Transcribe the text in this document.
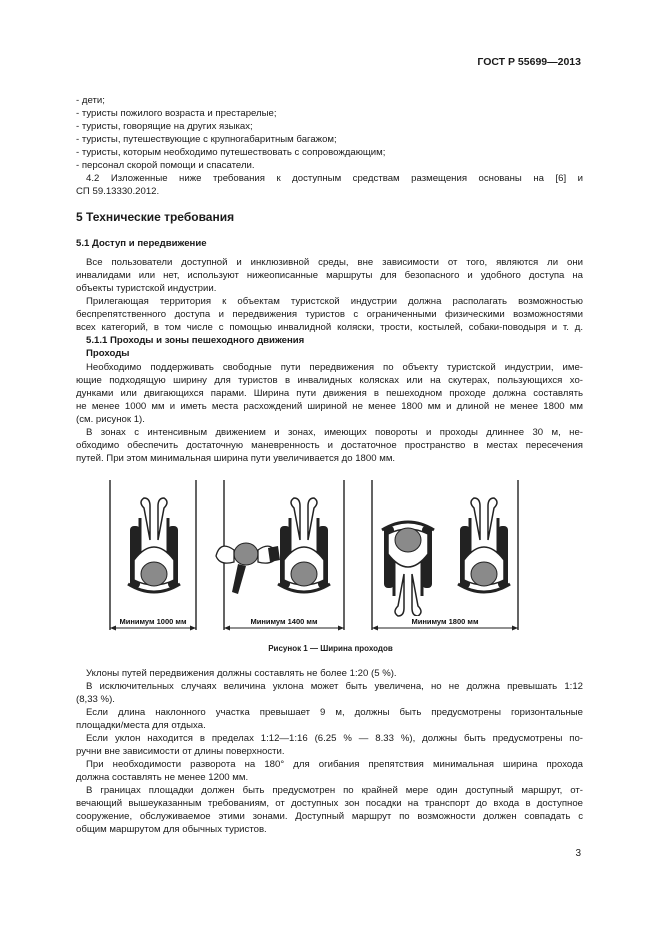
ГОСТ Р 55699—2013
- дети;
- туристы пожилого возраста и престарелые;
- туристы, говорящие на других языках;
- туристы, путешествующие с крупногабаритным багажом;
- туристы, которым необходимо путешествовать с сопровождающим;
- персонал скорой помощи и спасатели.
4.2 Изложенные ниже требования к доступным средствам размещения основаны на [6] и
СП 59.13330.2012.
5 Технические требования
5.1 Доступ и передвижение
Все пользователи доступной и инклюзивной среды, вне зависимости от того, являются ли они
инвалидами или нет, используют нижеописанные маршруты для безопасного и удобного доступа на
объекты туристской индустрии.
Прилегающая территория к объектам туристской индустрии должна располагать возможностью
беспрепятственного доступа и передвижения туристов с ограниченными физическими возможностями
всех категорий, в том числе с помощью инвалидной коляски, трости, костылей, собаки-поводыря и т. д.
5.1.1 Проходы и зоны пешеходного движения
Проходы
Необходимо поддерживать свободные пути передвижения по объекту туристской индустрии, име-
ющие подходящую ширину для туристов в инвалидных колясках или на скутерах, пользующихся хо-
дунками или двигающихся парами. Ширина пути движения в пешеходном проходе должна составлять
не менее 1000 мм и иметь места расхождений шириной не менее 1800 мм и длиной не менее 1800 мм
(см. рисунок 1).
В зонах с интенсивным движением и зонах, имеющих повороты и проходы длиннее 30 м, не-
обходимо обеспечить достаточную маневренность и достаточное пространство в местах пересечения
путей. При этом минимальная ширина пути увеличивается до 1800 мм.
Минимум 1000 мм	Минимум 1400 мм	Минимум 1800 мм
Рисунок 1 — Ширина проходов
Уклоны путей передвижения должны составлять не более 1:20 (5 %).
В исключительных случаях величина уклона может быть увеличена, но не должна превышать 1:12
(8,33 %).
Если длина наклонного участка превышает 9 м, должны быть предусмотрены горизонтальные
площадки/места для отдыха.
Если уклон находится в пределах 1:12—1:16 (6.25 % — 8.33 %), должны быть предусмотрены по-
ручни вне зависимости от длины поверхности.
При необходимости разворота на 180° для огибания препятствия минимальная ширина прохода
должна составлять не менее 1200 мм.
В границах площадки должен быть предусмотрен по крайней мере один доступный маршрут, от-
вечающий вышеуказанным требованиям, от доступных зон посадки на транспорт до входа в доступное
сооружение, обслуживаемое этими зонами. Доступный маршрут по возможности должен совпадать с
общим маршрутом для обычных туристов.
3
